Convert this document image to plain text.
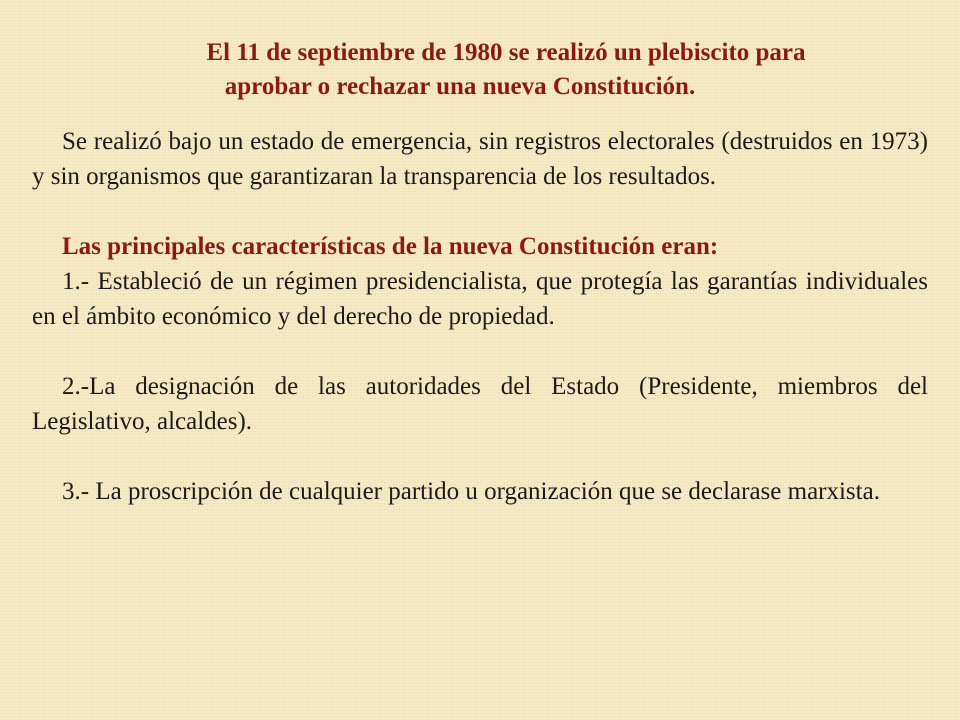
El 11 de septiembre de 1980 se realizó un plebiscito para
aprobar o rechazar una nueva Constitución.

Se realizó bajo un estado de emergencia, sin registros electorales (destruidos en 1973) y sin organismos que garantizaran la transparencia de los resultados.

Las principales características de la nueva Constitución eran:

1.- Estableció de un régimen presidencialista, que protegía las garantías individuales en el ámbito económico y del derecho de propiedad.

2.-La designación de las autoridades del Estado (Presidente, miembros del Legislativo, alcaldes).

3.- La proscripción de cualquier partido u organización que se declarase marxista.
